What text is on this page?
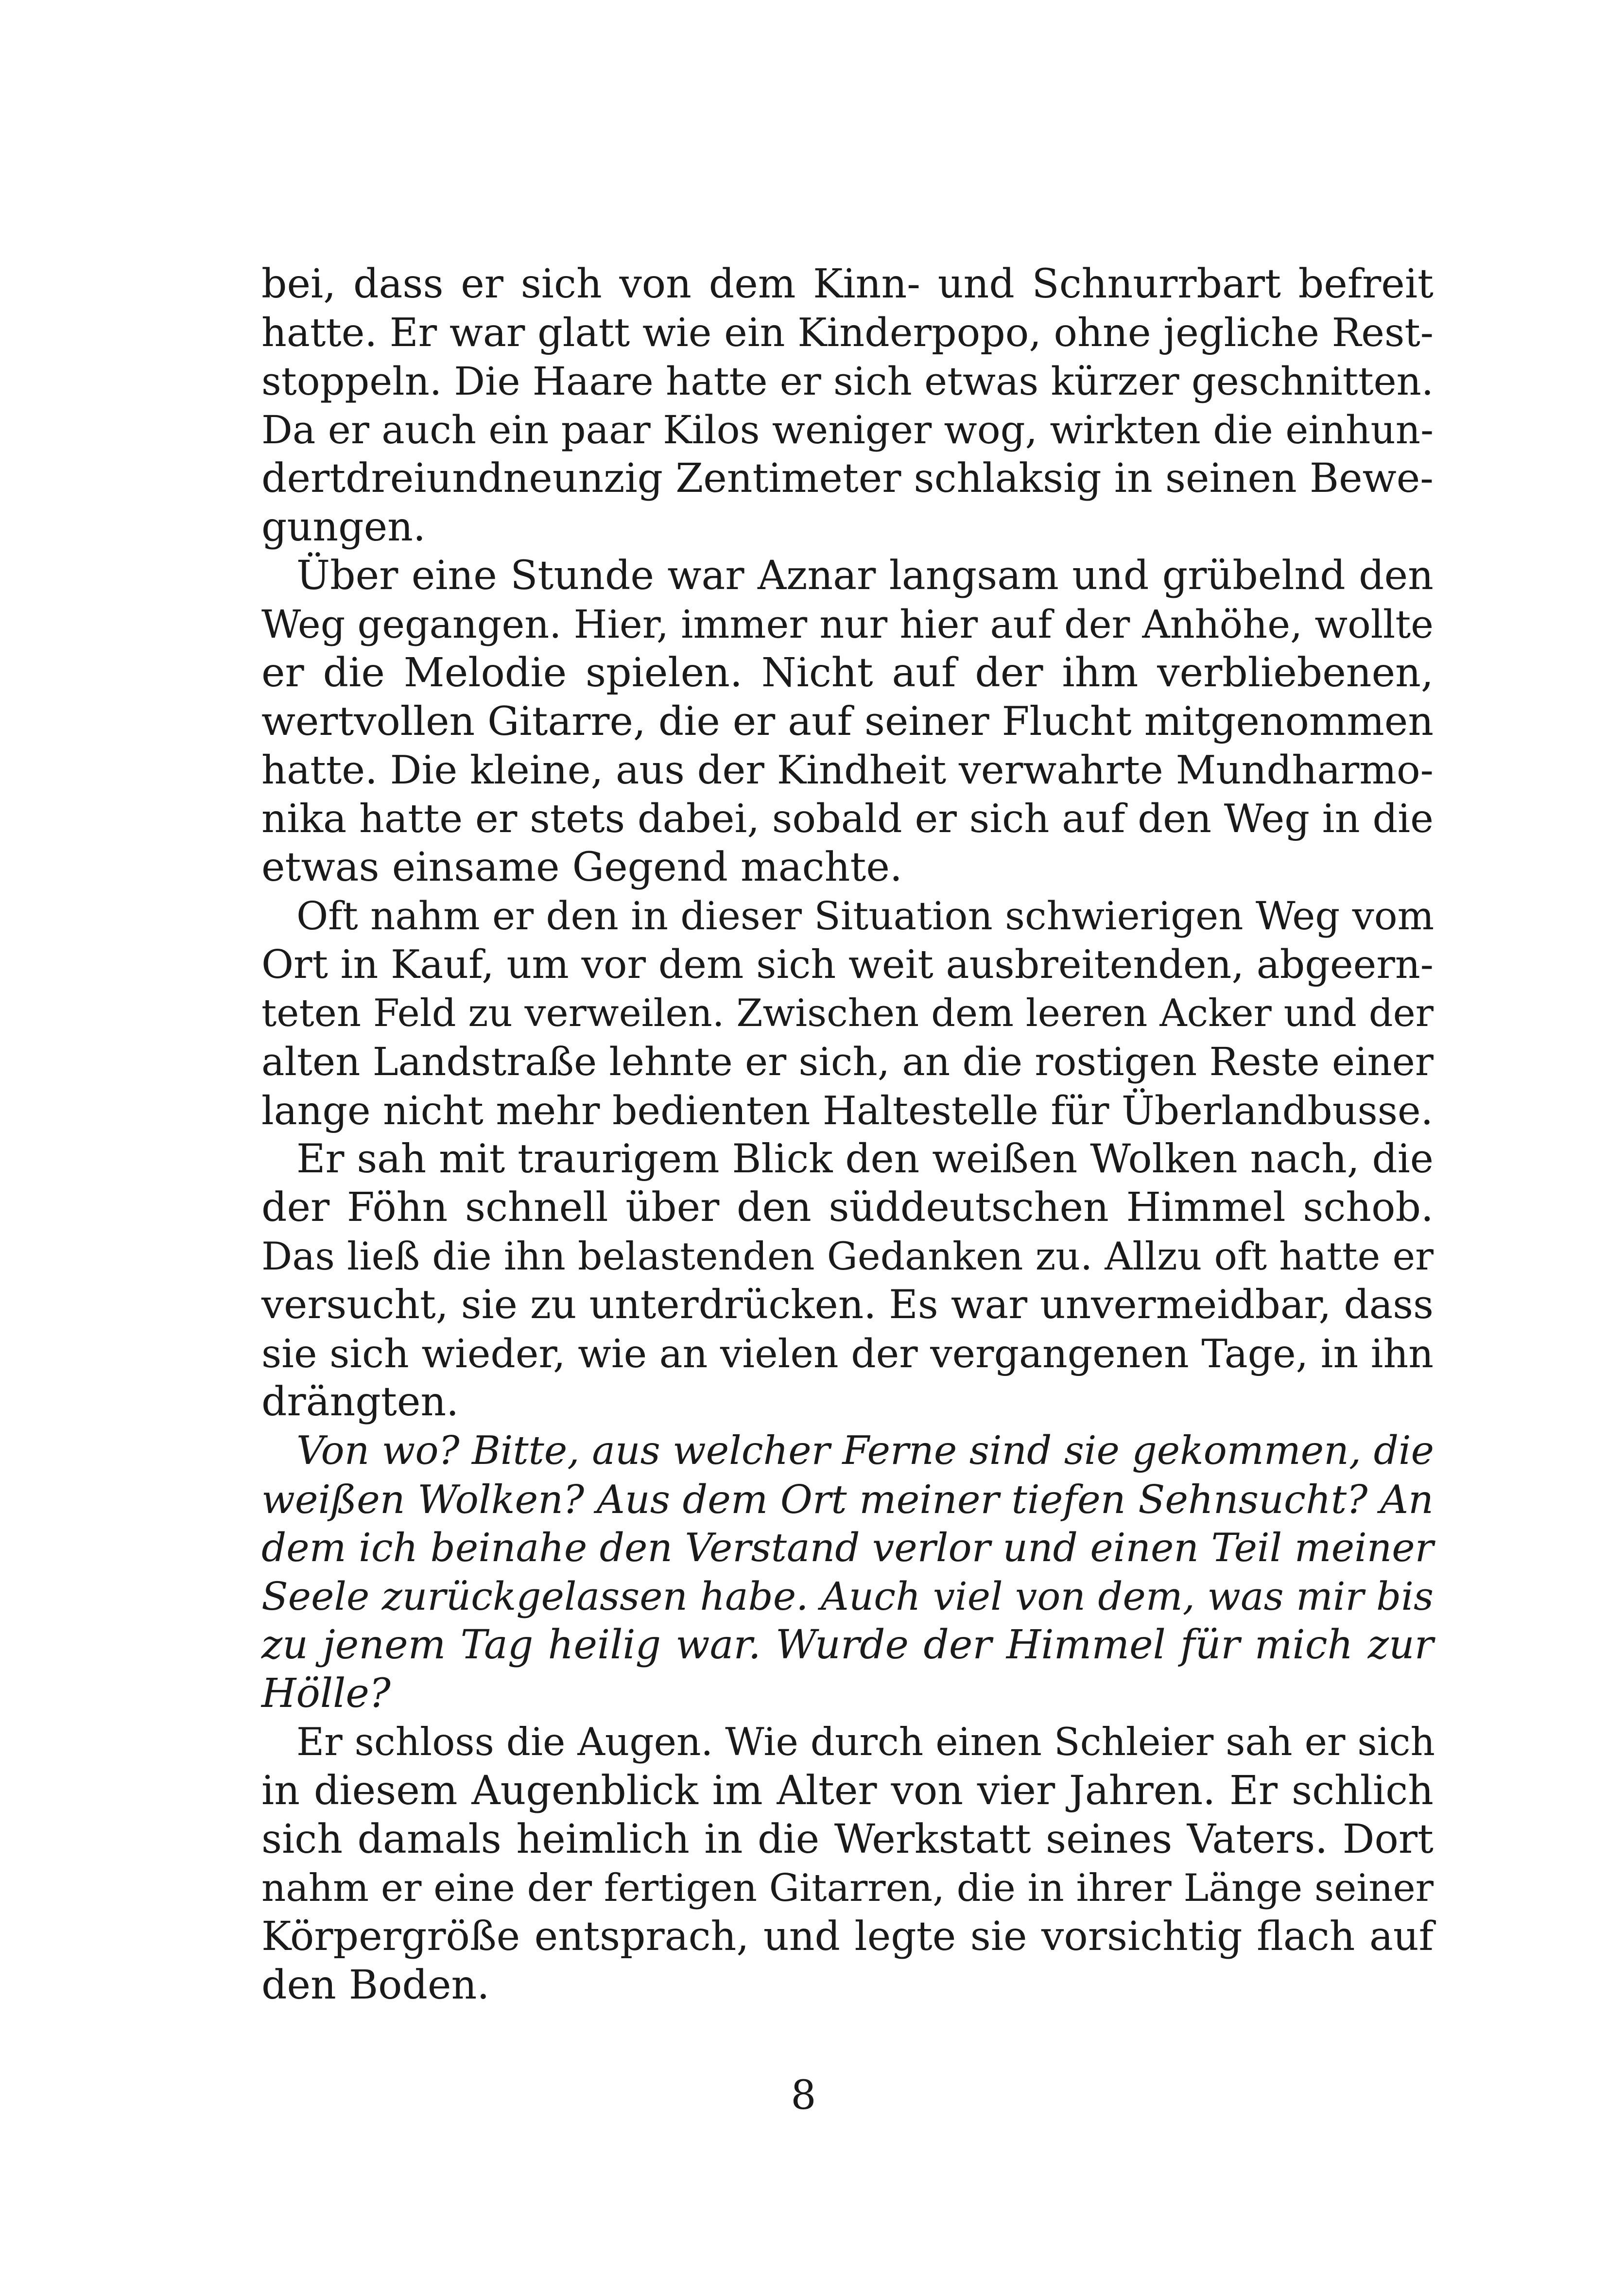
bei, dass er sich von dem Kinn- und Schnurrbart befreit
hatte. Er war glatt wie ein Kinderpopo, ohne jegliche Rest-
stoppeln. Die Haare hatte er sich etwas kürzer geschnitten.
Da er auch ein paar Kilos weniger wog, wirkten die einhun-
dertdreiundneunzig Zentimeter schlaksig in seinen Bewe-
gungen.
Über eine Stunde war Aznar langsam und grübelnd den
Weg gegangen. Hier, immer nur hier auf der Anhöhe, wollte
er die Melodie spielen. Nicht auf der ihm verbliebenen,
wertvollen Gitarre, die er auf seiner Flucht mitgenommen
hatte. Die kleine, aus der Kindheit verwahrte Mundharmo-
nika hatte er stets dabei, sobald er sich auf den Weg in die
etwas einsame Gegend machte.
Oft nahm er den in dieser Situation schwierigen Weg vom
Ort in Kauf, um vor dem sich weit ausbreitenden, abgeern-
teten Feld zu verweilen. Zwischen dem leeren Acker und der
alten Landstraße lehnte er sich, an die rostigen Reste einer
lange nicht mehr bedienten Haltestelle für Überlandbusse.
Er sah mit traurigem Blick den weißen Wolken nach, die
der Föhn schnell über den süddeutschen Himmel schob.
Das ließ die ihn belastenden Gedanken zu. Allzu oft hatte er
versucht, sie zu unterdrücken. Es war unvermeidbar, dass
sie sich wieder, wie an vielen der vergangenen Tage, in ihn
drängten.
Von wo? Bitte, aus welcher Ferne sind sie gekommen, die
weißen Wolken? Aus dem Ort meiner tiefen Sehnsucht? An
dem ich beinahe den Verstand verlor und einen Teil meiner
Seele zurückgelassen habe. Auch viel von dem, was mir bis
zu jenem Tag heilig war. Wurde der Himmel für mich zur
Hölle?
Er schloss die Augen. Wie durch einen Schleier sah er sich
in diesem Augenblick im Alter von vier Jahren. Er schlich
sich damals heimlich in die Werkstatt seines Vaters. Dort
nahm er eine der fertigen Gitarren, die in ihrer Länge seiner
Körpergröße entsprach, und legte sie vorsichtig flach auf
den Boden.
8
